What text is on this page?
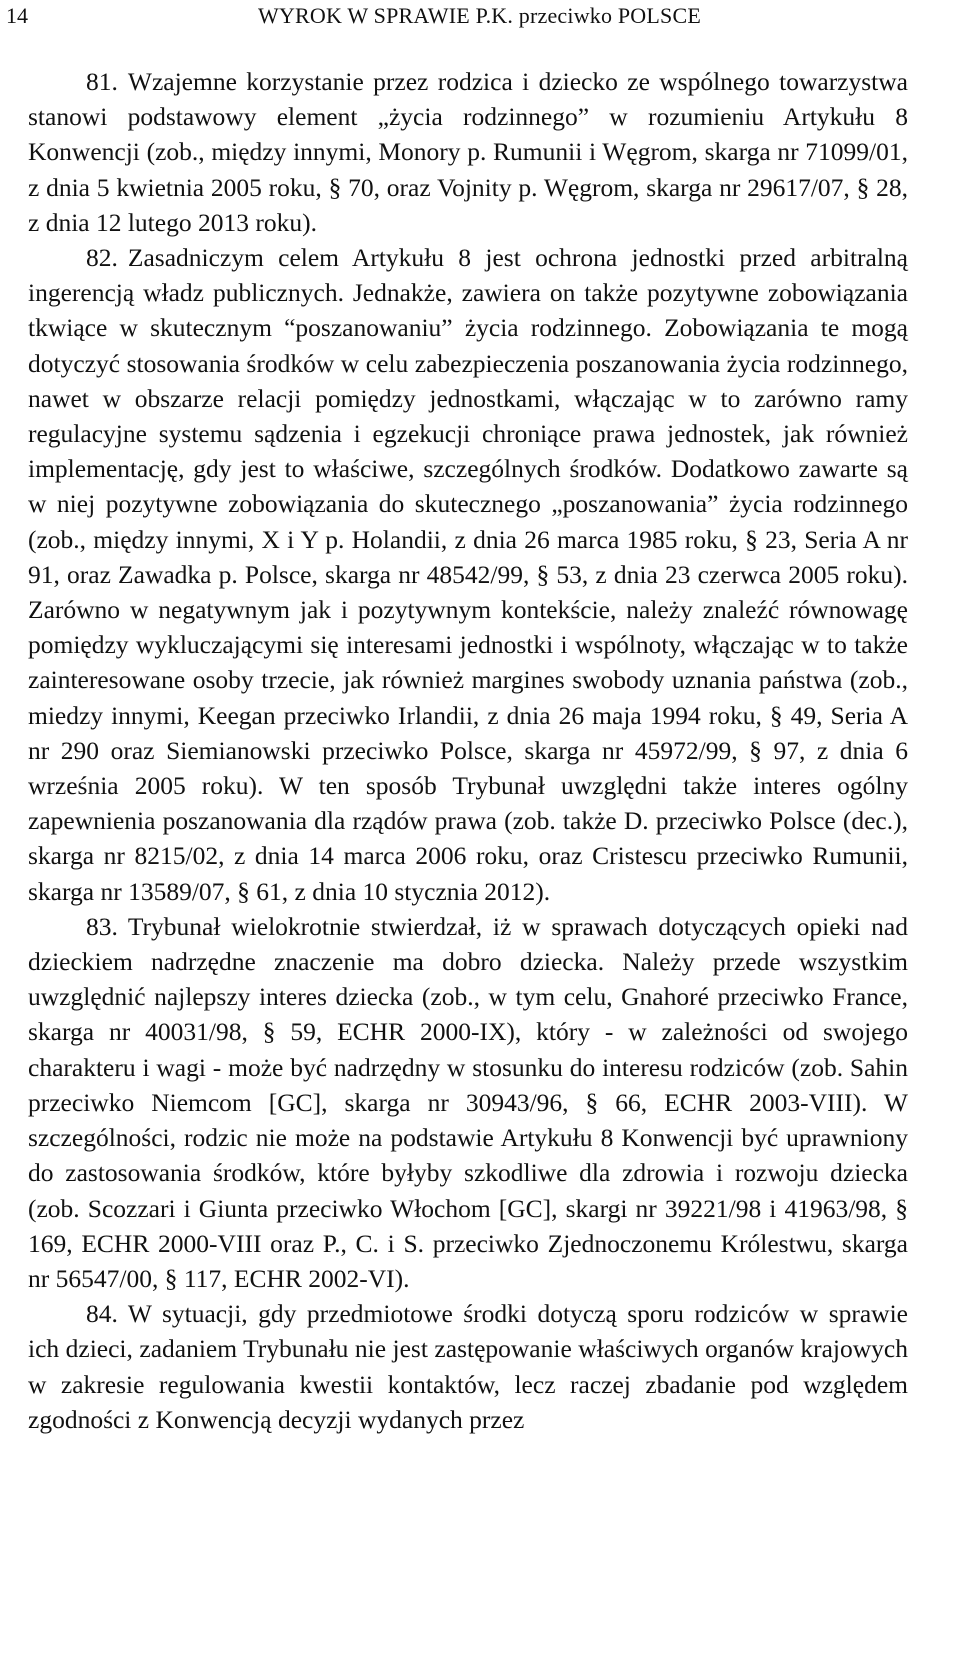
14	WYROK W SPRAWIE P.K. przeciwko POLSCE

81. Wzajemne korzystanie przez rodzica i dziecko ze wspólnego towarzystwa stanowi podstawowy element „życia rodzinnego” w rozumieniu Artykułu 8 Konwencji (zob., między innymi, Monory p. Rumunii i Węgrom, skarga nr 71099/01, z dnia 5 kwietnia 2005 roku, § 70, oraz Vojnity p. Węgrom, skarga nr 29617/07, § 28, z dnia 12 lutego 2013 roku).

82. Zasadniczym celem Artykułu 8 jest ochrona jednostki przed arbitralną ingerencją władz publicznych. Jednakże, zawiera on także pozytywne zobowiązania tkwiące w skutecznym “poszanowaniu” życia rodzinnego. Zobowiązania te mogą dotyczyć stosowania środków w celu zabezpieczenia poszanowania życia rodzinnego, nawet w obszarze relacji pomiędzy jednostkami, włączając w to zarówno ramy regulacyjne systemu sądzenia i egzekucji chroniące prawa jednostek, jak również implementację, gdy jest to właściwe, szczególnych środków. Dodatkowo zawarte są w niej pozytywne zobowiązania do skutecznego „poszanowania” życia rodzinnego (zob., między innymi, X i Y p. Holandii, z dnia 26 marca 1985 roku, § 23, Seria A nr 91, oraz Zawadka p. Polsce, skarga nr 48542/99, § 53, z dnia 23 czerwca 2005 roku). Zarówno w negatywnym jak i pozytywnym kontekście, należy znaleźć równowagę pomiędzy wykluczającymi się interesami jednostki i wspólnoty, włączając w to także zainteresowane osoby trzecie, jak również margines swobody uznania państwa (zob., miedzy innymi, Keegan przeciwko Irlandii, z dnia 26 maja 1994 roku, § 49, Seria A nr 290 oraz Siemianowski przeciwko Polsce, skarga nr 45972/99, § 97, z dnia 6 września 2005 roku). W ten sposób Trybunał uwzględni także interes ogólny zapewnienia poszanowania dla rządów prawa (zob. także D. przeciwko Polsce (dec.), skarga nr 8215/02, z dnia 14 marca 2006 roku, oraz Cristescu przeciwko Rumunii, skarga nr 13589/07, § 61, z dnia 10 stycznia 2012).

83. Trybunał wielokrotnie stwierdzał, iż w sprawach dotyczących opieki nad dzieckiem nadrzędne znaczenie ma dobro dziecka. Należy przede wszystkim uwzględnić najlepszy interes dziecka (zob., w tym celu, Gnahoré przeciwko France, skarga nr 40031/98, § 59, ECHR 2000-IX), który - w zależności od swojego charakteru i wagi - może być nadrzędny w stosunku do interesu rodziców (zob. Sahin przeciwko Niemcom [GC], skarga nr 30943/96, § 66, ECHR 2003-VIII). W szczególności, rodzic nie może na podstawie Artykułu 8 Konwencji być uprawniony do zastosowania środków, które byłyby szkodliwe dla zdrowia i rozwoju dziecka (zob. Scozzari i Giunta przeciwko Włochom [GC], skargi nr 39221/98 i 41963/98, § 169, ECHR 2000-VIII oraz P., C. i S. przeciwko Zjednoczonemu Królestwu, skarga nr 56547/00, § 117, ECHR 2002-VI).

84. W sytuacji, gdy przedmiotowe środki dotyczą sporu rodziców w sprawie ich dzieci, zadaniem Trybunału nie jest zastępowanie właściwych organów krajowych w zakresie regulowania kwestii kontaktów, lecz raczej zbadanie pod względem zgodności z Konwencją decyzji wydanych przez
